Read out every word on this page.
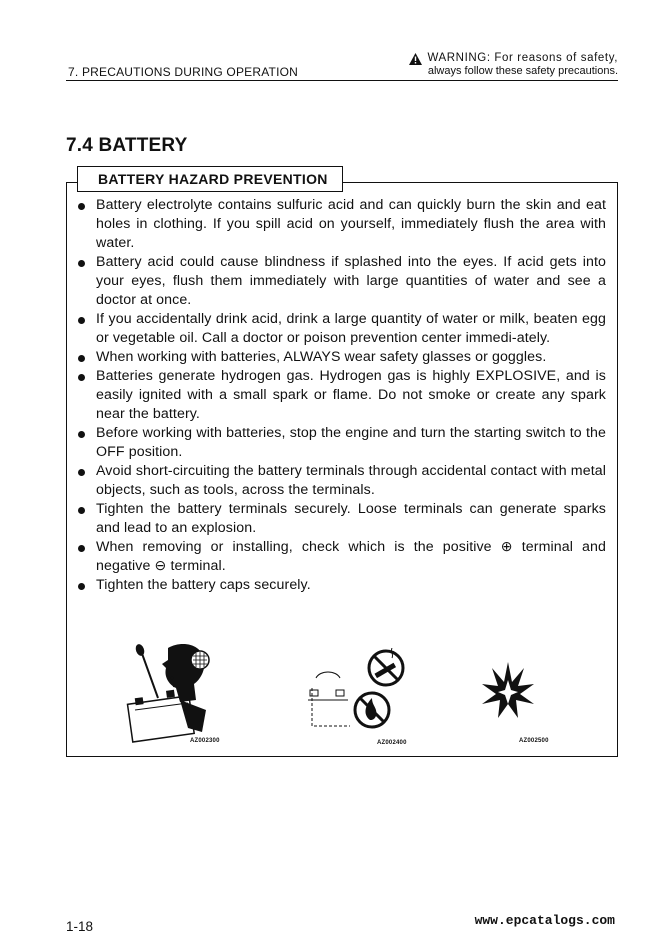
7. PRECAUTIONS DURING OPERATION
WARNING: For reasons of safety,
always follow these safety precautions.
7.4 BATTERY
BATTERY HAZARD PREVENTION
Battery electrolyte contains sulfuric acid and can quickly burn the skin and eat holes in clothing. If you spill acid on yourself, immediately flush the area with water.
Battery acid could cause blindness if splashed into the eyes. If acid gets into your eyes, flush them immediately with large quantities of water and see a doctor at once.
If you accidentally drink acid, drink a large quantity of water or milk, beaten egg or vegetable oil. Call a doctor or poison prevention center immedi-ately.
When working with batteries, ALWAYS wear safety glasses or goggles.
Batteries generate hydrogen gas. Hydrogen gas is highly EXPLOSIVE, and is easily ignited with a small spark or flame. Do not smoke or create any spark near the battery.
Before working with batteries, stop the engine and turn the starting switch to the OFF position.
Avoid short-circuiting the battery terminals through accidental contact with metal objects, such as tools, across the terminals.
Tighten the battery terminals securely. Loose terminals can generate sparks and lead to an explosion.
When removing or installing, check which is the positive ⊕ terminal and negative ⊖ terminal.
Tighten the battery caps securely.
AZ002300	AZ002400	AZ002500
1-18	www.epcatalogs.com
